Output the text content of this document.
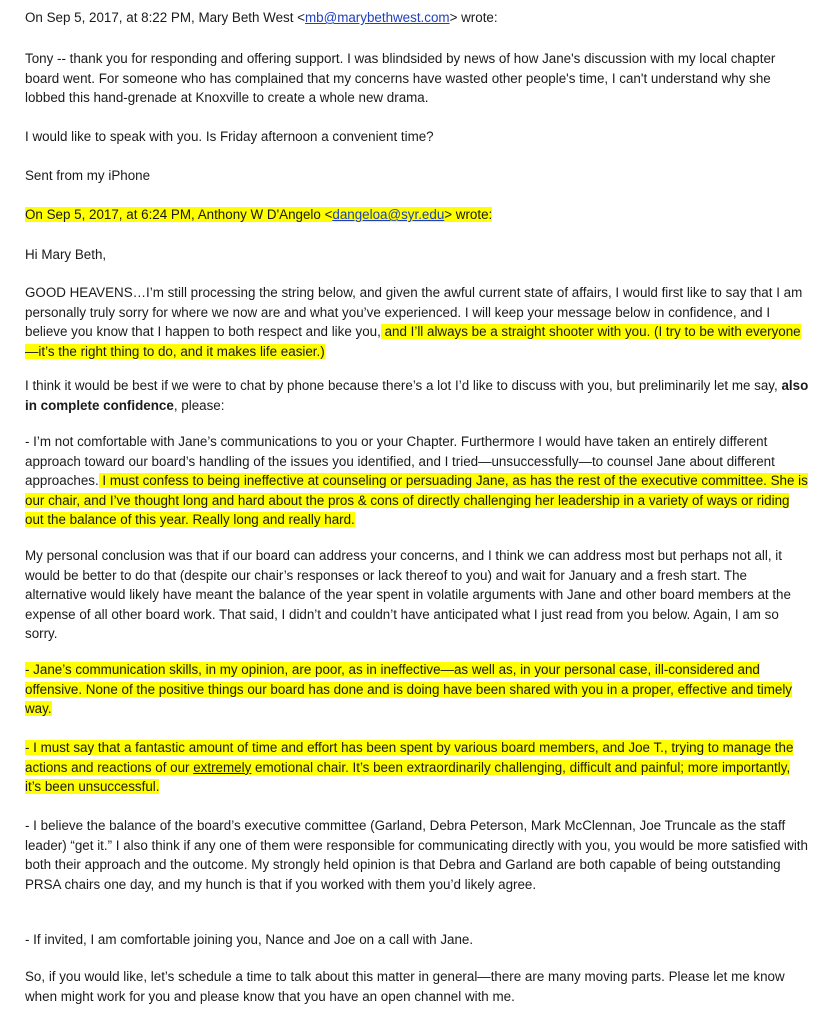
On Sep 5, 2017, at 8:22 PM, Mary Beth West <mb@marybethwest.com> wrote:

Tony -- thank you for responding and offering support. I was blindsided by news of how Jane's discussion with my local chapter board went. For someone who has complained that my concerns have wasted other people's time, I can't understand why she lobbed this hand-grenade at Knoxville to create a whole new drama.

I would like to speak with you. Is Friday afternoon a convenient time?

Sent from my iPhone

On Sep 5, 2017, at 6:24 PM, Anthony W D'Angelo <dangeloa@syr.edu> wrote:

Hi Mary Beth,

GOOD HEAVENS…I’m still processing the string below, and given the awful current state of affairs, I would first like to say that I am personally truly sorry for where we now are and what you’ve experienced. I will keep your message below in confidence, and I believe you know that I happen to both respect and like you, and I’ll always be a straight shooter with you. (I try to be with everyone—it’s the right thing to do, and it makes life easier.)

I think it would be best if we were to chat by phone because there’s a lot I’d like to discuss with you, but preliminarily let me say, also in complete confidence, please:

- I’m not comfortable with Jane’s communications to you or your Chapter. Furthermore I would have taken an entirely different approach toward our board’s handling of the issues you identified, and I tried—unsuccessfully—to counsel Jane about different approaches. I must confess to being ineffective at counseling or persuading Jane, as has the rest of the executive committee. She is our chair, and I’ve thought long and hard about the pros & cons of directly challenging her leadership in a variety of ways or riding out the balance of this year. Really long and really hard.

My personal conclusion was that if our board can address your concerns, and I think we can address most but perhaps not all, it would be better to do that (despite our chair’s responses or lack thereof to you) and wait for January and a fresh start. The alternative would likely have meant the balance of the year spent in volatile arguments with Jane and other board members at the expense of all other board work. That said, I didn’t and couldn’t have anticipated what I just read from you below. Again, I am so sorry.

- Jane’s communication skills, in my opinion, are poor, as in ineffective—as well as, in your personal case, ill-considered and offensive. None of the positive things our board has done and is doing have been shared with you in a proper, effective and timely way.

- I must say that a fantastic amount of time and effort has been spent by various board members, and Joe T., trying to manage the actions and reactions of our extremely emotional chair. It’s been extraordinarily challenging, difficult and painful; more importantly, it’s been unsuccessful.

- I believe the balance of the board’s executive committee (Garland, Debra Peterson, Mark McClennan, Joe Truncale as the staff leader) “get it.” I also think if any one of them were responsible for communicating directly with you, you would be more satisfied with both their approach and the outcome. My strongly held opinion is that Debra and Garland are both capable of being outstanding PRSA chairs one day, and my hunch is that if you worked with them you’d likely agree.

- If invited, I am comfortable joining you, Nance and Joe on a call with Jane.

So, if you would like, let’s schedule a time to talk about this matter in general—there are many moving parts. Please let me know when might work for you and please know that you have an open channel with me.
